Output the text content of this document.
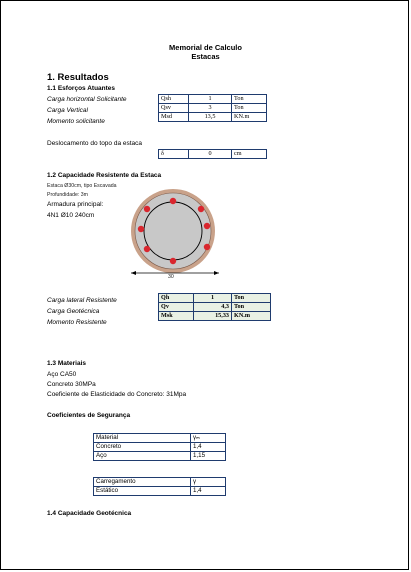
Memorial de Calculo
Estacas
1. Resultados
1.1 Esforços Atuantes
Carga horizontal Solicitante
Carga Vertical
Momento solicitante
Qsh	1	Ton
Qsv	3	Ton
Msd	13,5	KN.m
Deslocamento do topo da estaca
δ	0	cm
1.2 Capacidade Resistente da Estaca
Estaca Ø30cm, tipo Escavada
Profundidade: 3m
Armadura principal:
4N1 Ø10 240cm
30
Carga lateral Resistente
Carga Geotécnica
Momento Resistente
Qh	1	Ton
Qv	4,3	Ton
Msk	15,33	KN.m
1.3 Materiais
Aço CA50
Concreto 30MPa
Coeficiente de Elasticidade do Concreto: 31Mpa
Coeficientes de Segurança
Material	γₘ
Concreto	1,4
Aço	1,15
Carregamento	γ
Estático	1,4
1.4 Capacidade Geotécnica
